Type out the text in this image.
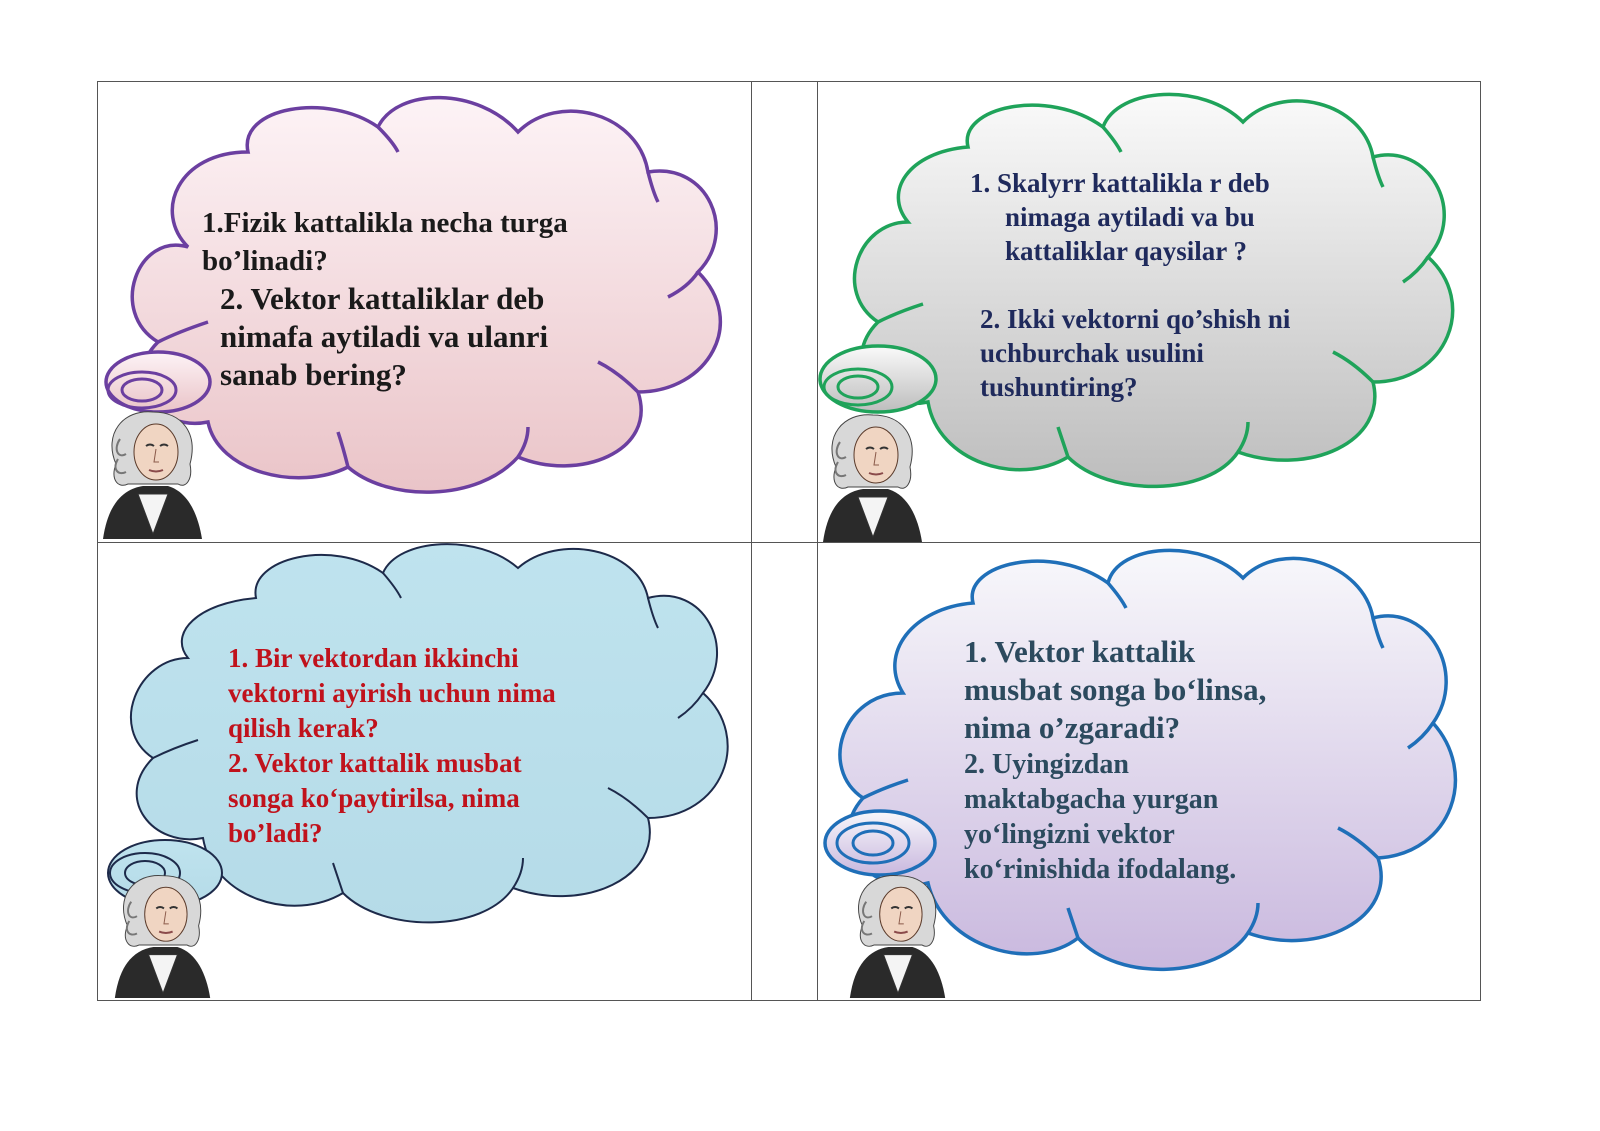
1.Fizik kattalikla necha turga
bo’linadi?
2. Vektor kattaliklar deb
nimafa aytiladi va ulanri
sanab bering?
1. Skalyrr kattalikla r deb
nimaga aytiladi va bu
kattaliklar qaysilar ?
2. Ikki vektorni qo’shish ni
uchburchak usulini
tushuntiring?
1. Bir vektordan ikkinchi
vektorni ayirish uchun nima
qilish kerak?
2. Vektor kattalik musbat
songa ko‘paytirilsa, nima
bo’ladi?
1. Vektor kattalik
musbat songa bo‘linsa,
nima o’zgaradi?
2. Uyingizdan
maktabgacha yurgan
yo‘lingizni vektor
ko‘rinishida ifodalang.
